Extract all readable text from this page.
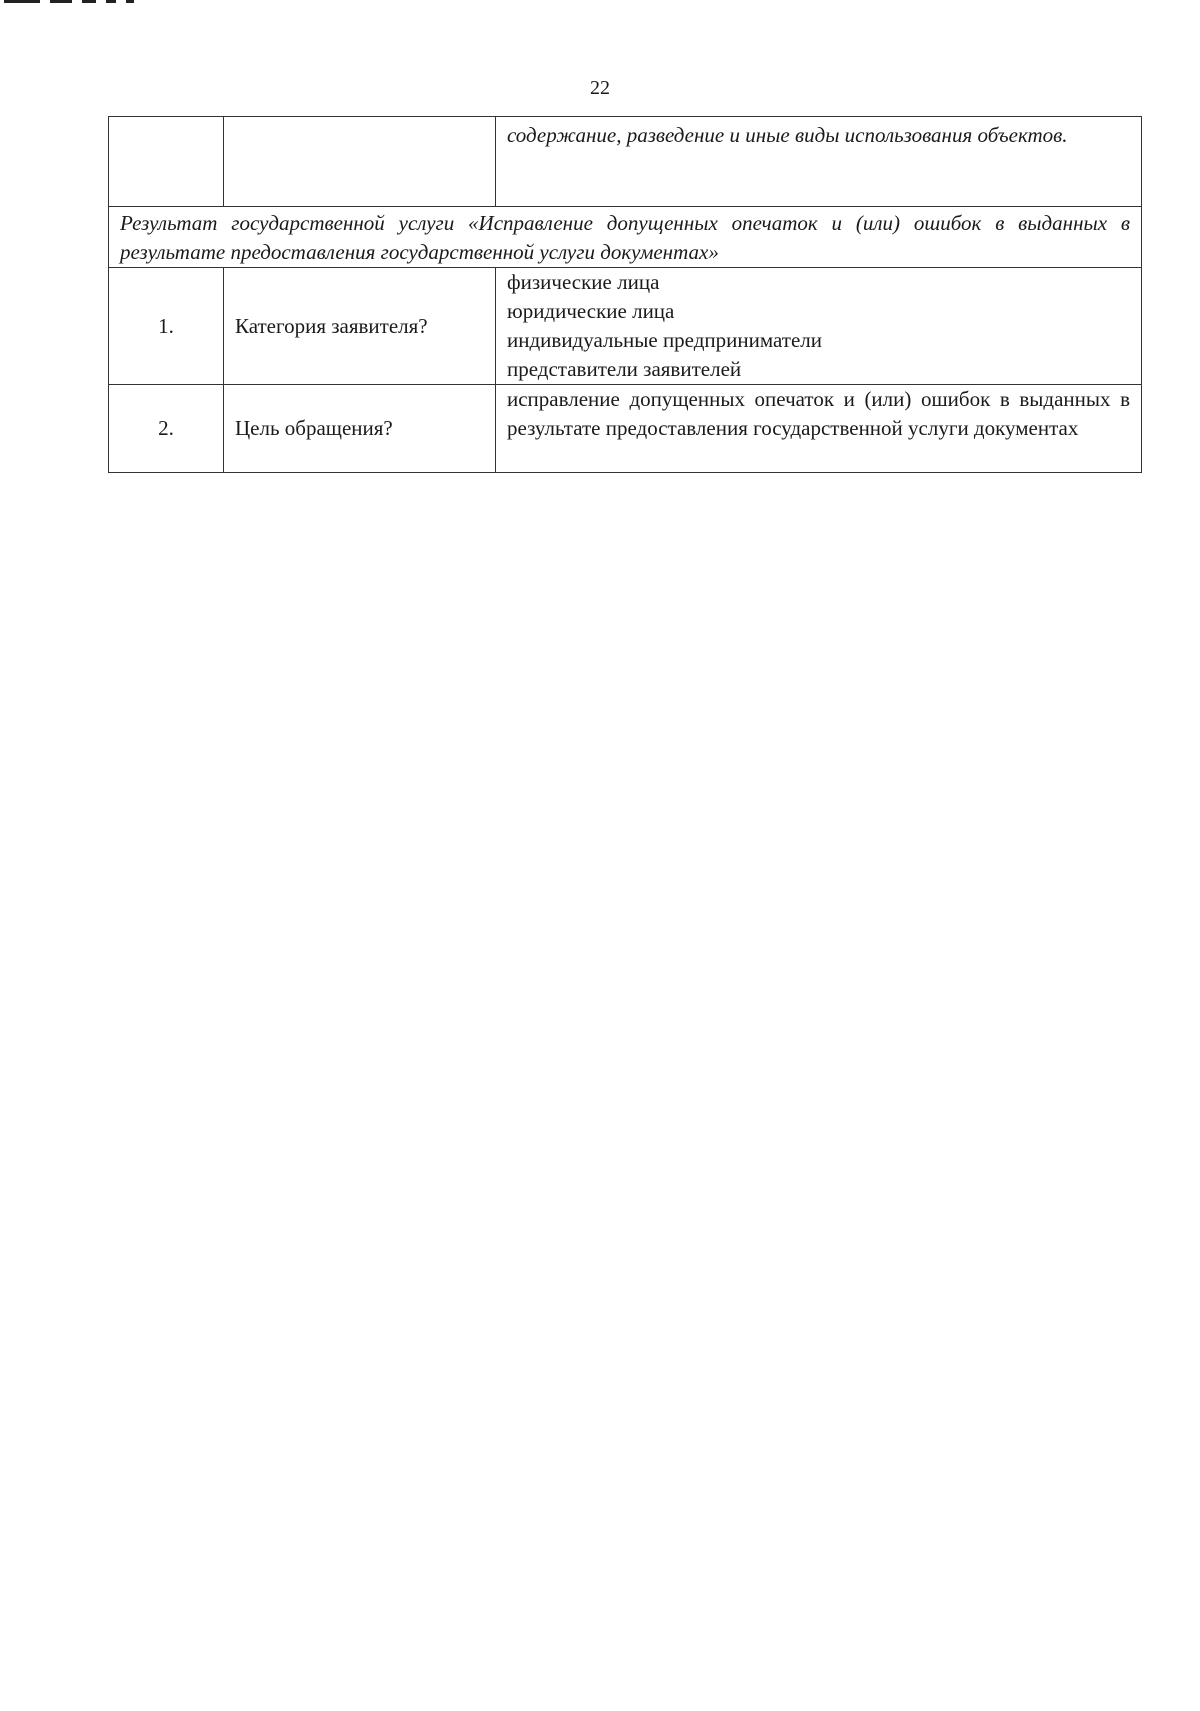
22
		содержание, разведение и иные виды использования объектов.
Результат государственной услуги «Исправление допущенных опечаток и (или) ошибок в выданных в результате предоставления государственной услуги документах»		
1.	Категория заявителя?	физические лица
юридические лица
индивидуальные предприниматели
представители заявителей

2.	Цель обращения?	исправление допущенных опечаток и (или) ошибок в выданных в результате предоставления государственной услуги документах
